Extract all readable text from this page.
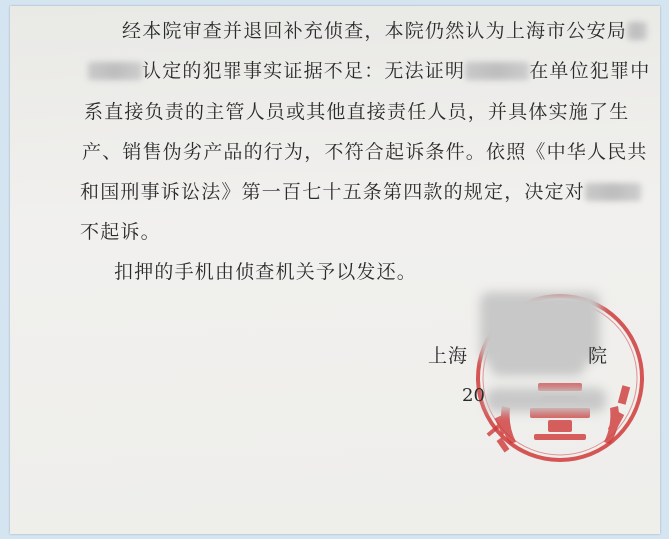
经本院审查并退回补充侦查，本院仍然认为上海市公安局
认定的犯罪事实证据不足：无法证明	在单位犯罪中
系直接负责的主管人员或其他直接责任人员，并具体实施了生
产、销售伪劣产品的行为，不符合起诉条件。依照《中华人民共
和国刑事诉讼法》第一百七十五条第四款的规定，决定对
不起诉。
扣押的手机由侦查机关予以发还。
上海	院
20
